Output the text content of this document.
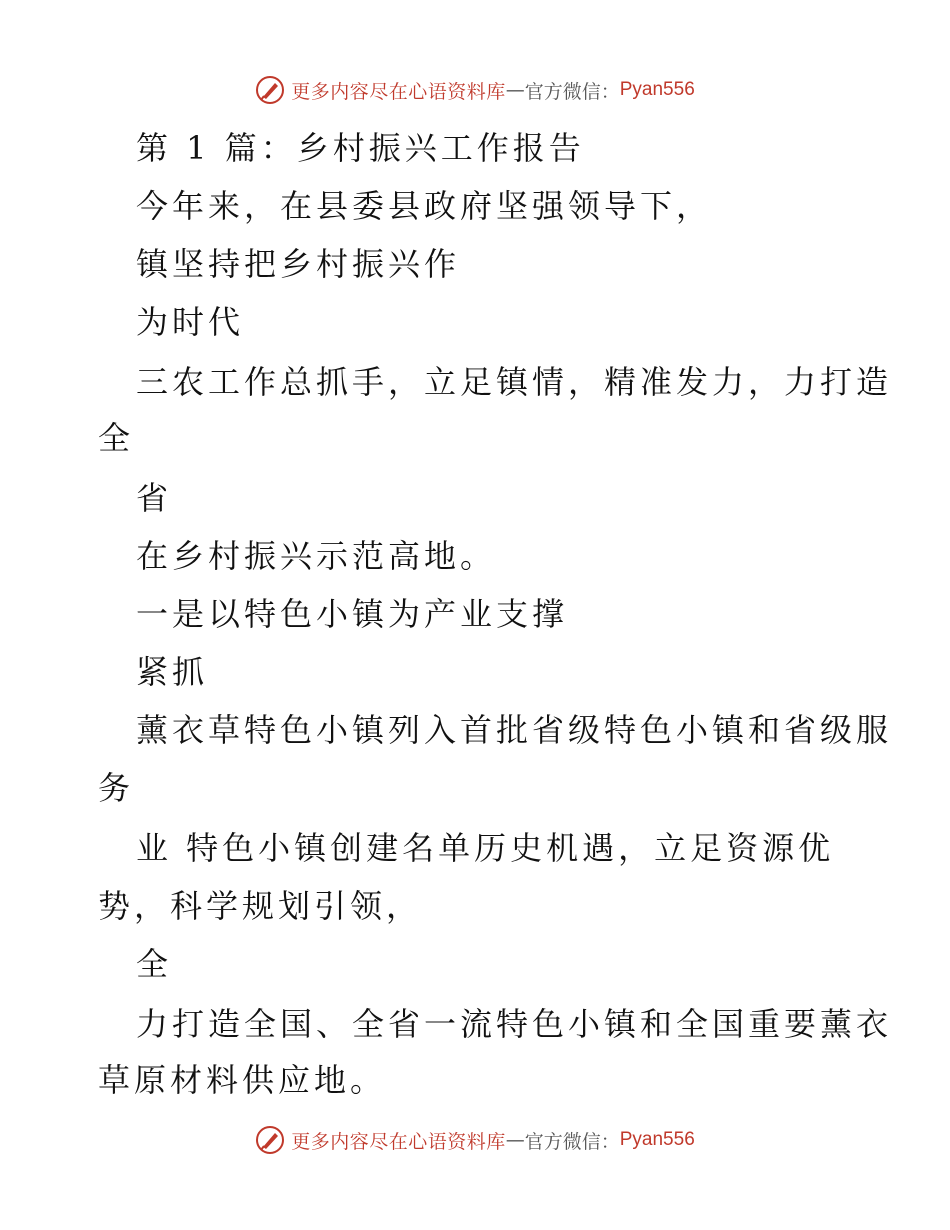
更多内容尽在心语资料库 — 官方微信： Pyan556
第 1 篇：乡村振兴工作报告
今年来，在县委县政府坚强领导下，
镇坚持把乡村振兴作
为时代
三农工作总抓手，立足镇情，精准发力，力打造
全
省
在乡村振兴示范高地。
一是以特色小镇为产业支撑
紧抓
薰衣草特色小镇列入首批省级特色小镇和省级服
务
业 特色小镇创建名单历史机遇，立足资源优
势，科学规划引领，
全
力打造全国、全省一流特色小镇和全国重要薰衣
草原材料供应地。
更多内容尽在心语资料库 — 官方微信： Pyan556
